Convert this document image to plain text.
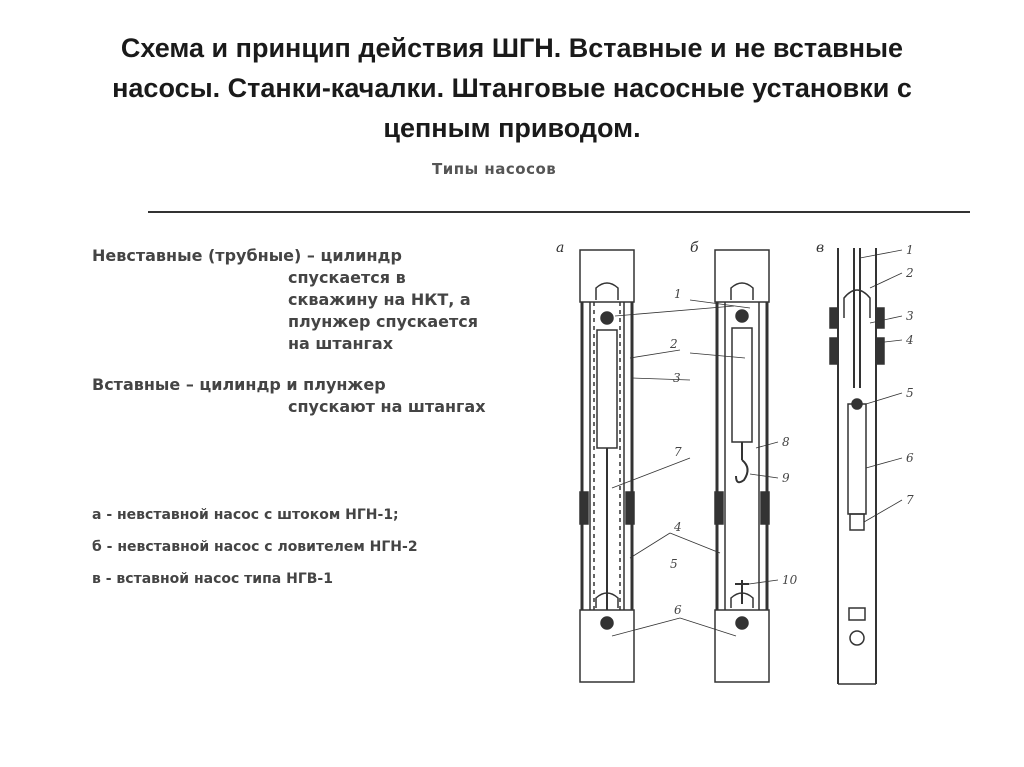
Схема и принцип действия ШГН. Вставные и не вставные
насосы. Станки-качалки. Штанговые насосные установки с
цепным приводом.
Типы насосов
Невставные (трубные) – цилиндр
спускается в
скважину на НКТ, а
плунжер спускается
на штангах
Вставные – цилиндр и плунжер
спускают на штангах
а - невставной насос с штоком НГН-1;
б - невставной насос с ловителем НГН-2
в - вставной насос типа НГВ-1
а	б	в
1
2
3
7
8
9
4
5
10
6
1
2
3
4
5
6
7
